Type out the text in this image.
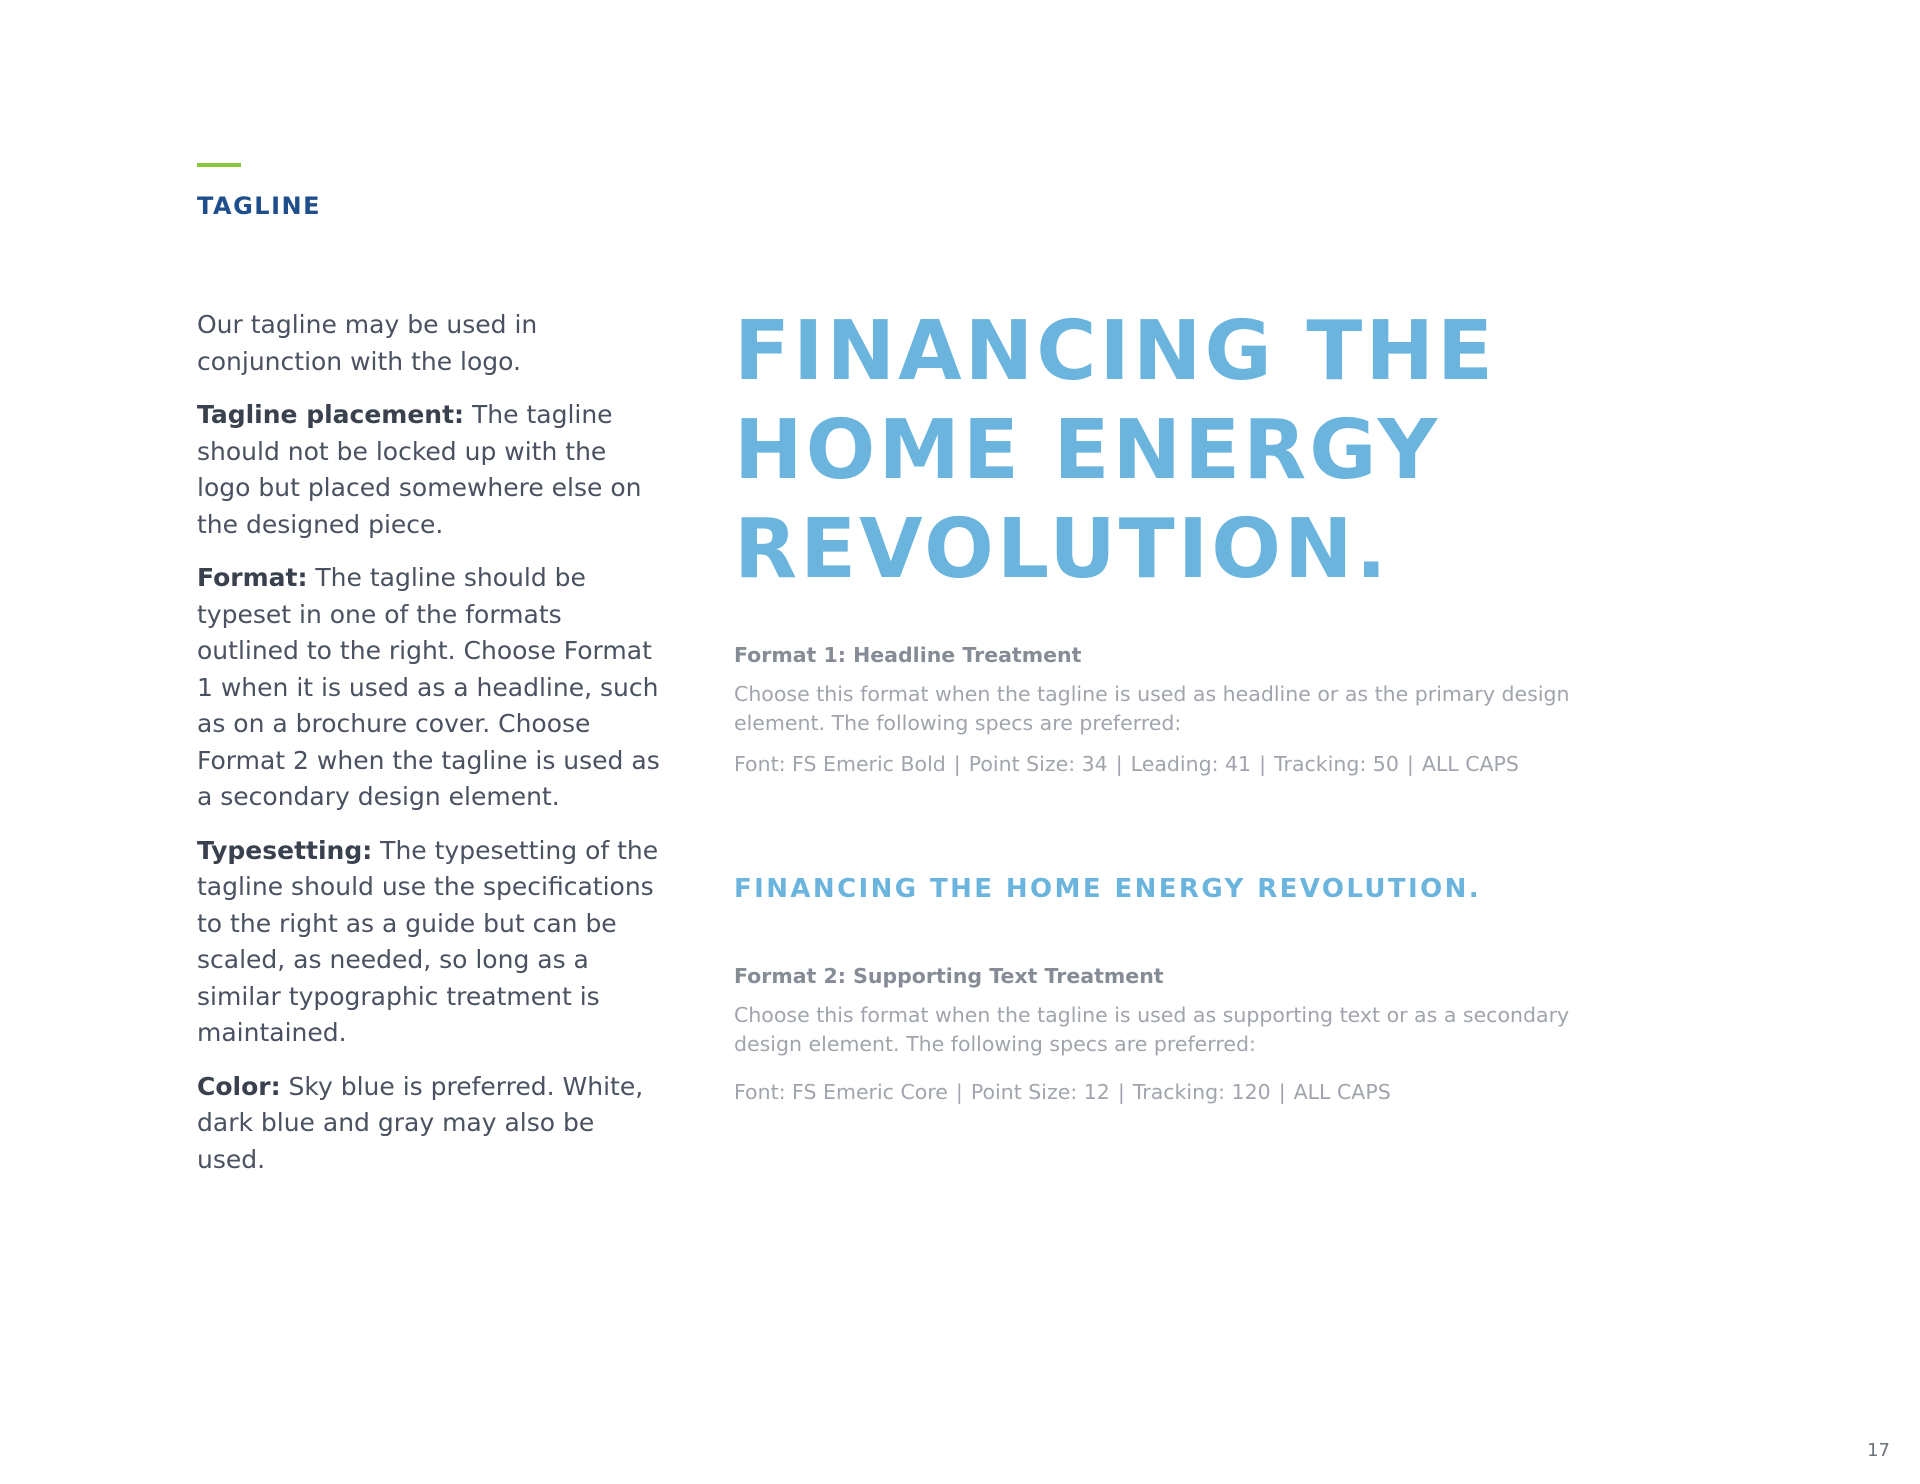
TAGLINE

Our tagline may be used in conjunction with the logo.

Tagline placement: The tagline should not be locked up with the logo but placed somewhere else on the designed piece.

Format: The tagline should be typeset in one of the formats outlined to the right. Choose Format 1 when it is used as a headline, such as on a brochure cover. Choose Format 2 when the tagline is used as a secondary design element.

Typesetting: The typesetting of the tagline should use the specifications to the right as a guide but can be scaled, as needed, so long as a similar typographic treatment is maintained.

Color: Sky blue is preferred. White, dark blue and gray may also be used.

FINANCING THE
HOME ENERGY
REVOLUTION.
Format 1: Headline Treatment

Choose this format when the tagline is used as headline or as the primary design element. The following specs are preferred:

Font: FS Emeric Bold | Point Size: 34 | Leading: 41 | Tracking: 50 | ALL CAPS

FINANCING THE HOME ENERGY REVOLUTION.

Format 2: Supporting Text Treatment

Choose this format when the tagline is used as supporting text or as a secondary design element. The following specs are preferred:

Font: FS Emeric Core | Point Size: 12 | Tracking: 120 | ALL CAPS

17
